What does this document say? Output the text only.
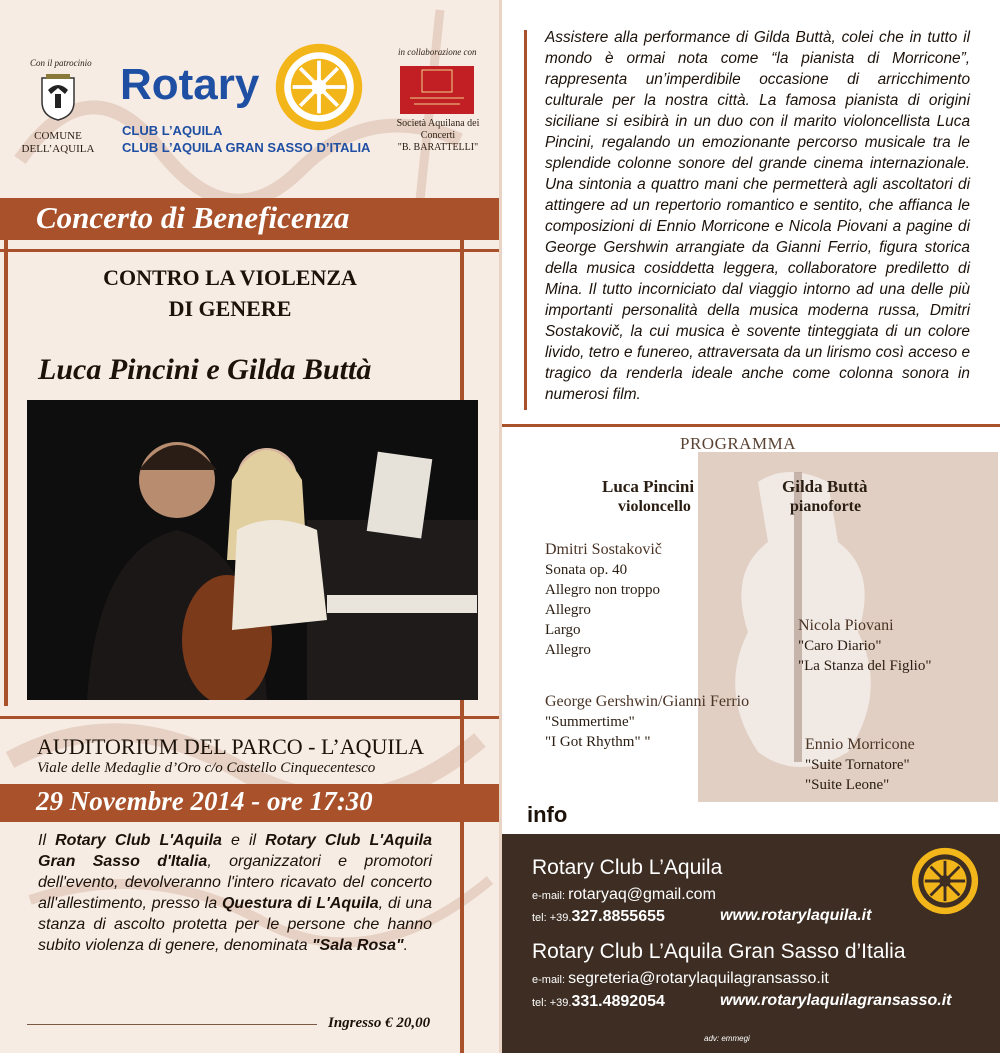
Con il patrocinio
COMUNE DELL’AQUILA
Rotary
CLUB L’AQUILA
CLUB L’AQUILA GRAN SASSO D’ITALIA
in collaborazione con
Società Aquilana dei Concerti
"B. BARATTELLI"
Concerto di Beneficenza
CONTRO LA VIOLENZA
DI GENERE
Luca Pincini e Gilda Buttà
AUDITORIUM DEL PARCO - L’AQUILA
Viale delle Medaglie d’Oro c/o Castello Cinquecentesco
29 Novembre 2014 - ore 17:30
Il Rotary Club L'Aquila e il Rotary Club L'Aquila Gran Sasso d'Italia, organizzatori e promotori dell'evento, devolveranno l'intero ricavato del concerto all'allestimento, presso la Questura di L'Aquila, di una stanza di ascolto protetta per le persone che hanno subito violenza di genere, denominata "Sala Rosa".
Ingresso € 20,00
Assistere alla performance di Gilda Buttà, colei che in tutto il mondo è ormai nota come “la pianista di Morricone”, rappresenta un’imperdibile occasione di arricchimento culturale per la nostra città. La famosa pianista di origini siciliane si esibirà in un duo con il marito violoncellista Luca Pincini, regalando un emozionante percorso musicale tra le splendide colonne sonore del grande cinema internazionale. Una sintonia a quattro mani che permetterà agli ascoltatori di attingere ad un repertorio romantico e sentito, che affianca le composizioni di Ennio Morricone e Nicola Piovani a pagine di George Gershwin arrangiate da Gianni Ferrio, figura storica della musica cosiddetta leggera, collaboratore prediletto di Mina. Il tutto incorniciato dal viaggio intorno ad una delle più importanti personalità della musica moderna russa, Dmitri Sostakovič, la cui musica è sovente tinteggiata di un colore livido, tetro e funereo, attraversata da un lirismo così acceso e tragico da renderla ideale anche come colonna sonora in numerosi film.
PROGRAMMA
Luca Pincini
violoncello
Gilda Buttà
pianoforte
Dmitri Sostakovič
Sonata op. 40
Allegro non troppo
Allegro
Largo
Allegro
Nicola Piovani
"Caro Diario"
"La Stanza del Figlio"
George Gershwin/Gianni Ferrio
"Summertime"
"I Got Rhythm" "	Ennio Morricone
"Suite Tornatore"
"Suite Leone"
info
Rotary Club L’Aquila
e-mail: rotaryaq@gmail.com
tel: +39.327.8855655	www.rotarylaquila.it
Rotary Club L’Aquila Gran Sasso d’Italia
e-mail: segreteria@rotarylaquilagransasso.it
tel: +39.331.4892054	www.rotarylaquilagransasso.it
adv: emmegi
